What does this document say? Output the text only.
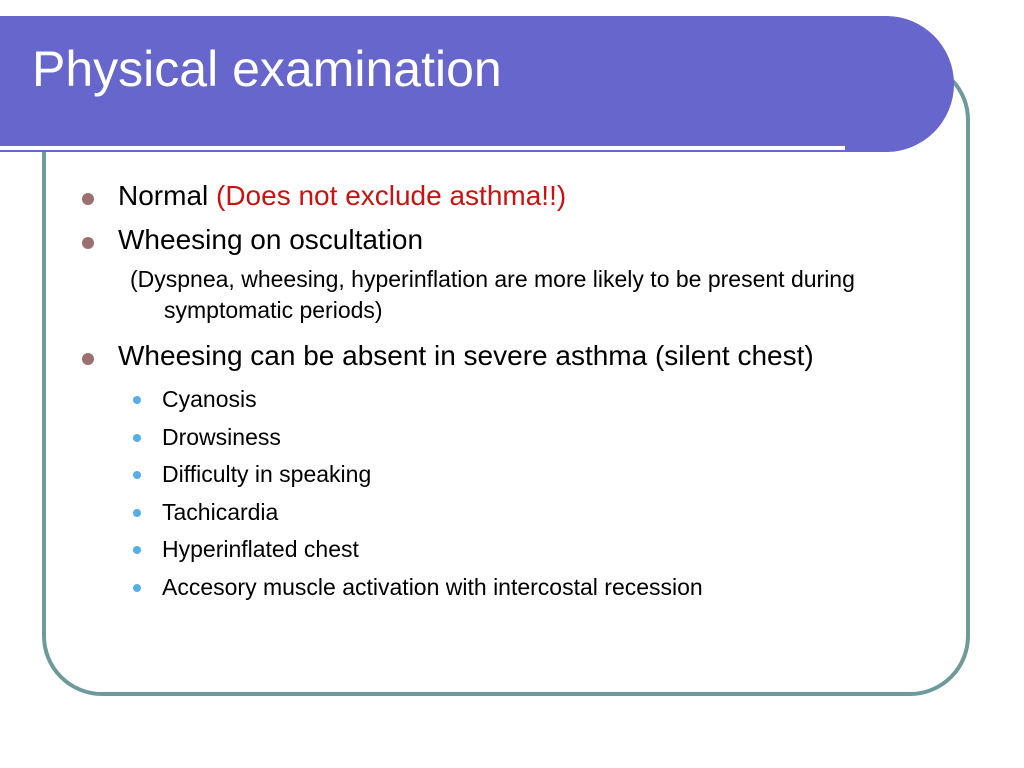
Physical examination
Normal (Does not exclude asthma!!)
Wheesing on oscultation
(Dyspnea, wheesing, hyperinflation are more likely to be present during symptomatic periods)
Wheesing can be absent in severe asthma (silent chest)
Cyanosis
Drowsiness
Difficulty in speaking
Tachicardia
Hyperinflated chest
Accesory muscle activation with intercostal recession
